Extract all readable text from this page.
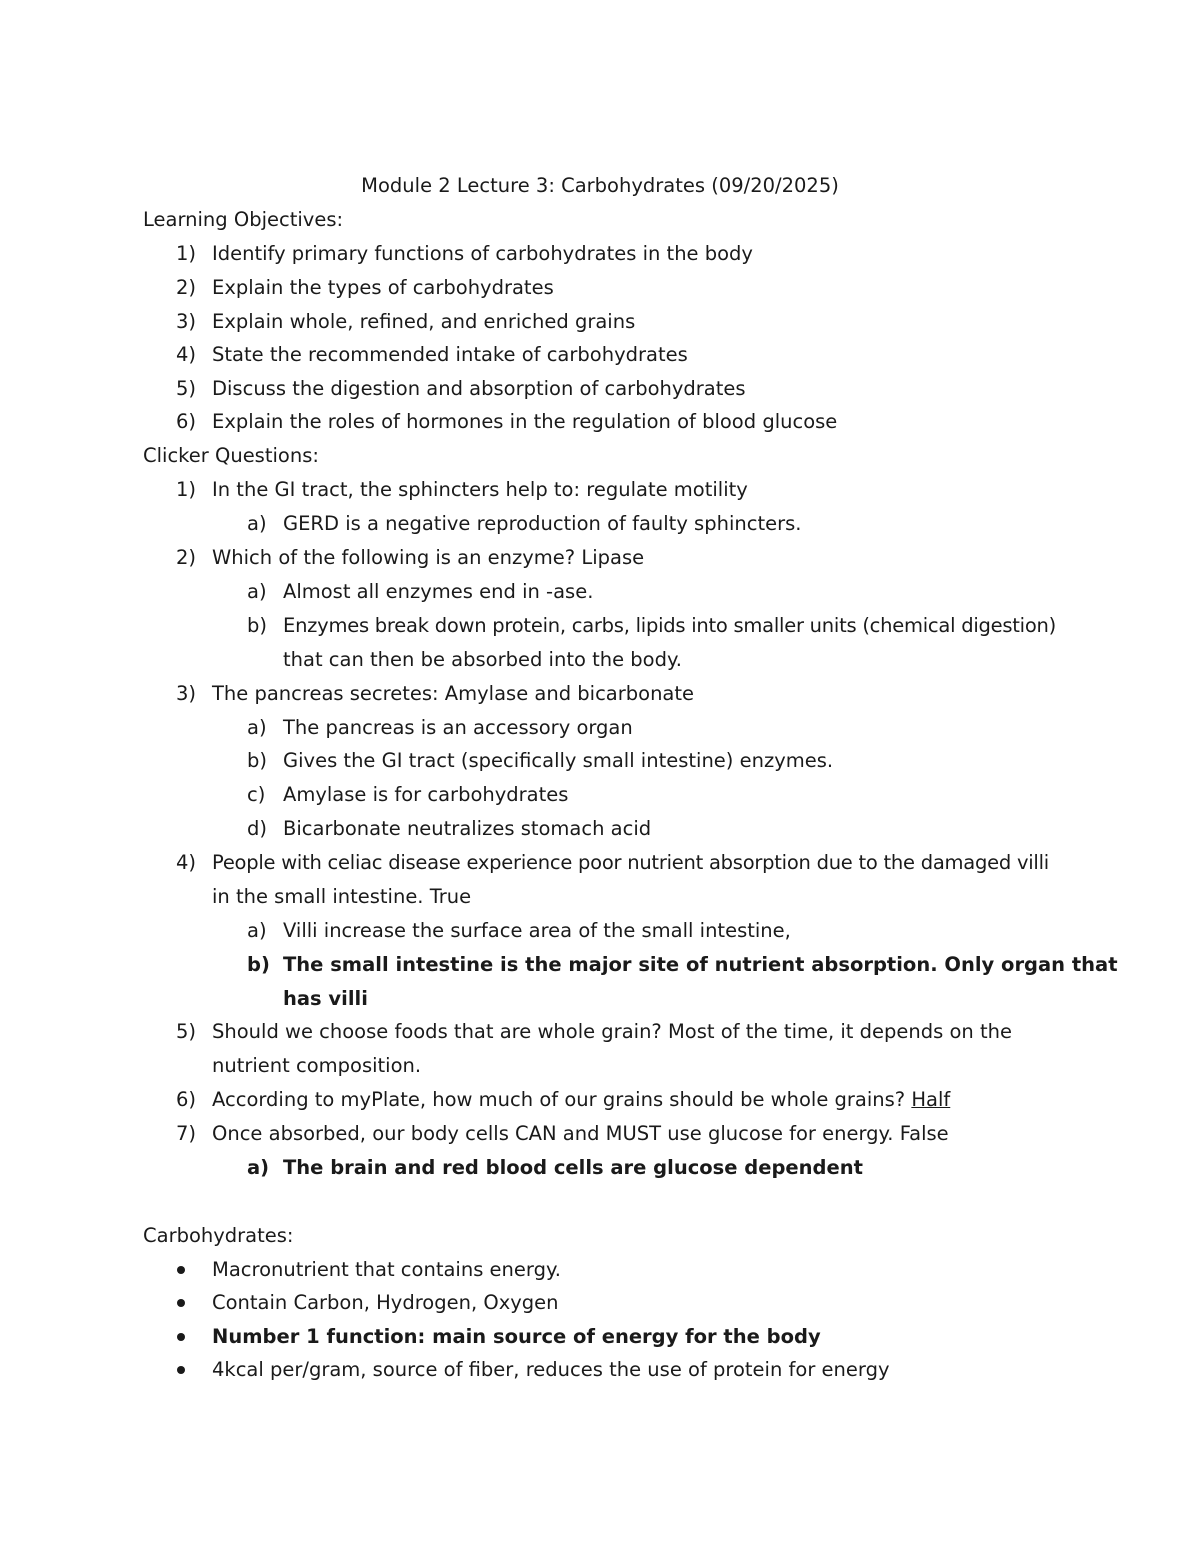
Module 2 Lecture 3: Carbohydrates (09/20/2025)
Learning Objectives:
1) Identify primary functions of carbohydrates in the body
2) Explain the types of carbohydrates
3) Explain whole, refined, and enriched grains
4) State the recommended intake of carbohydrates
5) Discuss the digestion and absorption of carbohydrates
6) Explain the roles of hormones in the regulation of blood glucose
Clicker Questions:
1) In the GI tract, the sphincters help to: regulate motility
a) GERD is a negative reproduction of faulty sphincters.
2) Which of the following is an enzyme? Lipase
a) Almost all enzymes end in -ase.
b) Enzymes break down protein, carbs, lipids into smaller units (chemical digestion)
that can then be absorbed into the body.
3) The pancreas secretes: Amylase and bicarbonate
a) The pancreas is an accessory organ
b) Gives the GI tract (specifically small intestine) enzymes.
c) Amylase is for carbohydrates
d) Bicarbonate neutralizes stomach acid
4) People with celiac disease experience poor nutrient absorption due to the damaged villi
in the small intestine. True
a) Villi increase the surface area of the small intestine,
b) The small intestine is the major site of nutrient absorption. Only organ that
has villi
5) Should we choose foods that are whole grain? Most of the time, it depends on the
nutrient composition.
6) According to myPlate, how much of our grains should be whole grains? Half
7) Once absorbed, our body cells CAN and MUST use glucose for energy. False
a) The brain and red blood cells are glucose dependent
Carbohydrates:
Macronutrient that contains energy.
Contain Carbon, Hydrogen, Oxygen
Number 1 function: main source of energy for the body
4kcal per/gram, source of fiber, reduces the use of protein for energy
